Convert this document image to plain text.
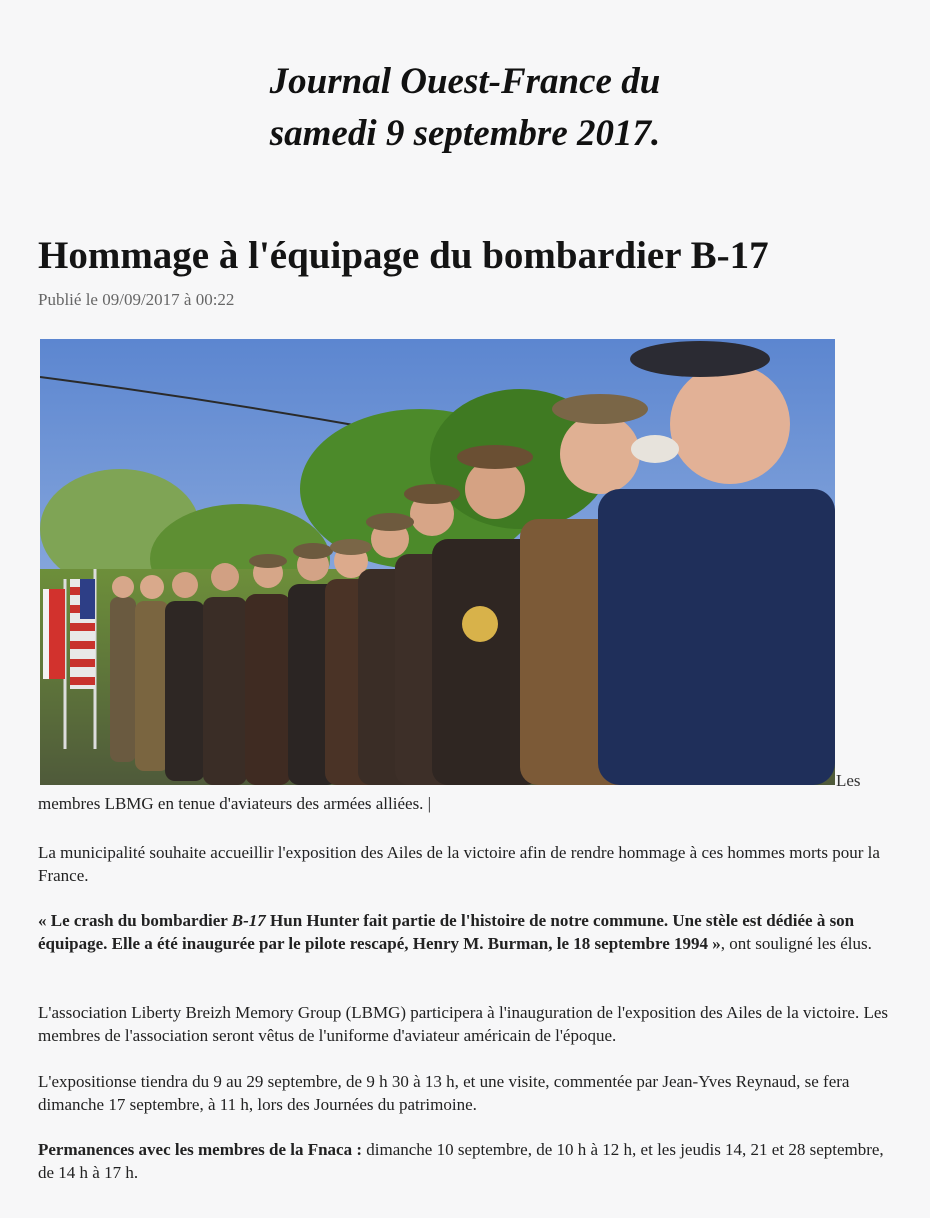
Journal Ouest-France du
samedi 9 septembre 2017.
Hommage à l'équipage du bombardier B-17
Publié le 09/09/2017 à 00:22
Les
membres LBMG en tenue d'aviateurs des armées alliées. |

La municipalité souhaite accueillir l'exposition des Ailes de la victoire afin de rendre hommage à ces hommes morts pour la France.

« Le crash du bombardier B-17 Hun Hunter fait partie de l'histoire de notre commune. Une stèle est dédiée à son équipage. Elle a été inaugurée par le pilote rescapé, Henry M. Burman, le 18 septembre 1994 », ont souligné les élus.

L'association Liberty Breizh Memory Group (LBMG) participera à l'inauguration de l'exposition des Ailes de la victoire. Les membres de l'association seront vêtus de l'uniforme d'aviateur américain de l'époque.

L'expositionse tiendra du 9 au 29 septembre, de 9 h 30 à 13 h, et une visite, commentée par Jean-Yves Reynaud, se fera dimanche 17 septembre, à 11 h, lors des Journées du patrimoine.

Permanences avec les membres de la Fnaca : dimanche 10 septembre, de 10 h à 12 h, et les jeudis 14, 21 et 28 septembre, de 14 h à 17 h.
